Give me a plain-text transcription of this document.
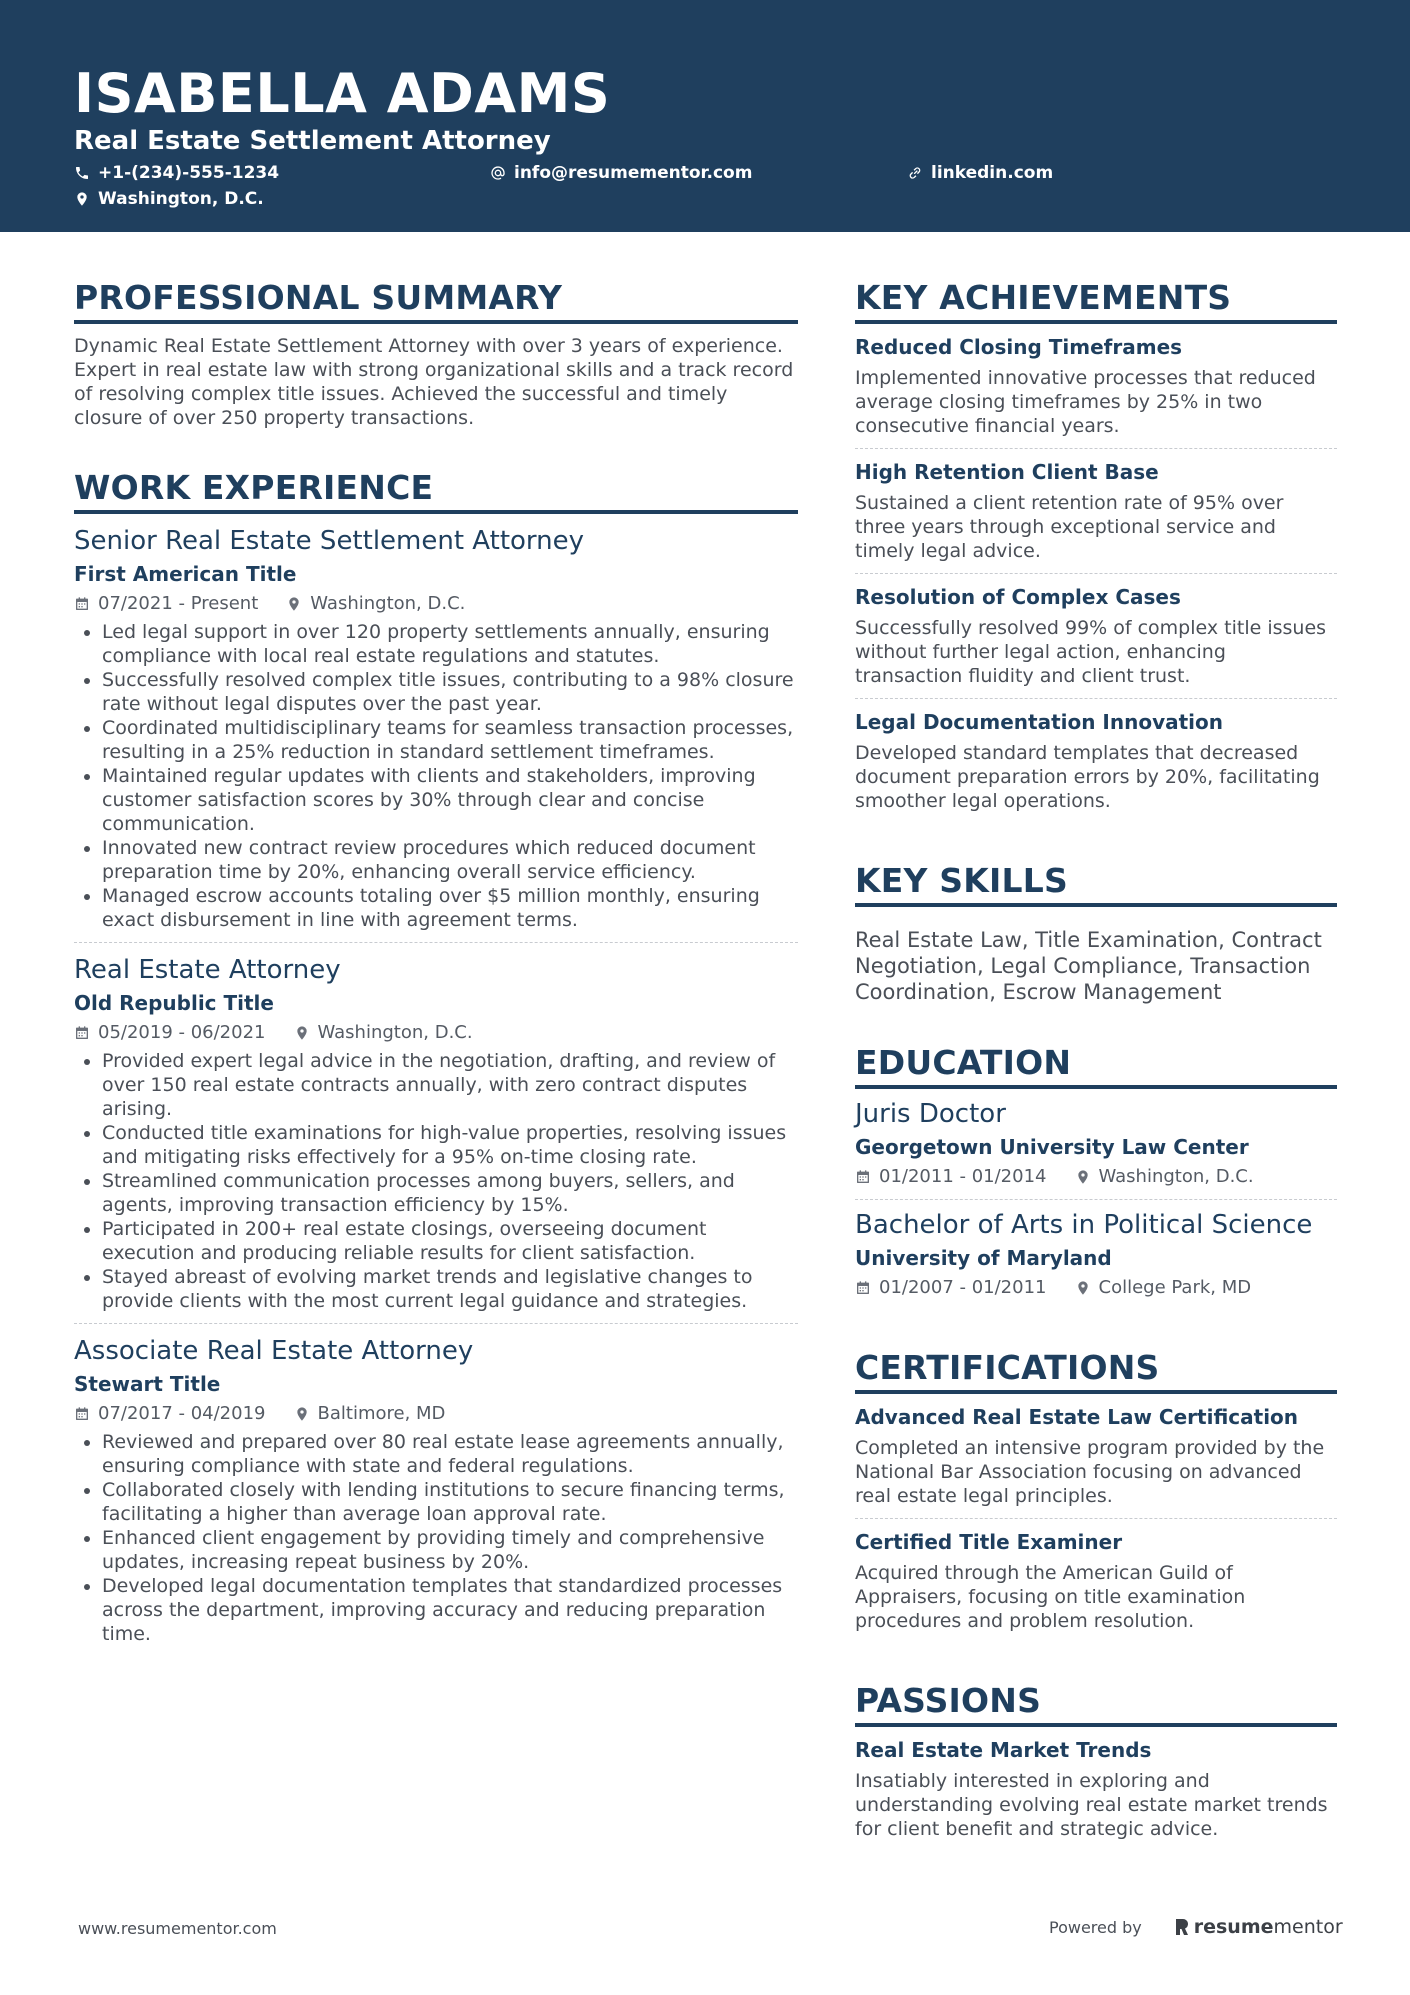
ISABELLA ADAMS
Real Estate Settlement Attorney
+1-(234)-555-1234	info@resumementor.com	linkedin.com
Washington, D.C.
PROFESSIONAL SUMMARY

Dynamic Real Estate Settlement Attorney with over 3 years of experience. Expert in real estate law with strong organizational skills and a track record of resolving complex title issues. Achieved the successful and timely closure of over 250 property transactions.

WORK EXPERIENCE
Senior Real Estate Settlement Attorney
First American Title
07/2021 - Present	Washington, D.C.
• Led legal support in over 120 property settlements annually, ensuring compliance with local real estate regulations and statutes.
• Successfully resolved complex title issues, contributing to a 98% closure rate without legal disputes over the past year.
• Coordinated multidisciplinary teams for seamless transaction processes, resulting in a 25% reduction in standard settlement timeframes.
• Maintained regular updates with clients and stakeholders, improving customer satisfaction scores by 30% through clear and concise communication.
• Innovated new contract review procedures which reduced document preparation time by 20%, enhancing overall service efficiency.
• Managed escrow accounts totaling over $5 million monthly, ensuring exact disbursement in line with agreement terms.
Real Estate Attorney
Old Republic Title
05/2019 - 06/2021	Washington, D.C.
• Provided expert legal advice in the negotiation, drafting, and review of over 150 real estate contracts annually, with zero contract disputes arising.
• Conducted title examinations for high-value properties, resolving issues and mitigating risks effectively for a 95% on-time closing rate.
• Streamlined communication processes among buyers, sellers, and agents, improving transaction efficiency by 15%.
• Participated in 200+ real estate closings, overseeing document execution and producing reliable results for client satisfaction.
• Stayed abreast of evolving market trends and legislative changes to provide clients with the most current legal guidance and strategies.
Associate Real Estate Attorney
Stewart Title
07/2017 - 04/2019	Baltimore, MD
• Reviewed and prepared over 80 real estate lease agreements annually, ensuring compliance with state and federal regulations.
• Collaborated closely with lending institutions to secure financing terms, facilitating a higher than average loan approval rate.
• Enhanced client engagement by providing timely and comprehensive updates, increasing repeat business by 20%.
• Developed legal documentation templates that standardized processes across the department, improving accuracy and reducing preparation time.
KEY ACHIEVEMENTS
Reduced Closing Timeframes

Implemented innovative processes that reduced average closing timeframes by 25% in two consecutive financial years.

High Retention Client Base

Sustained a client retention rate of 95% over three years through exceptional service and timely legal advice.

Resolution of Complex Cases

Successfully resolved 99% of complex title issues without further legal action, enhancing transaction fluidity and client trust.

Legal Documentation Innovation

Developed standard templates that decreased document preparation errors by 20%, facilitating smoother legal operations.

KEY SKILLS

Real Estate Law, Title Examination, Contract Negotiation, Legal Compliance, Transaction Coordination, Escrow Management

EDUCATION
Juris Doctor
Georgetown University Law Center
01/2011 - 01/2014	Washington, D.C.
Bachelor of Arts in Political Science
University of Maryland
01/2007 - 01/2011	College Park, MD
CERTIFICATIONS
Advanced Real Estate Law Certification

Completed an intensive program provided by the National Bar Association focusing on advanced real estate legal principles.

Certified Title Examiner

Acquired through the American Guild of Appraisers, focusing on title examination procedures and problem resolution.

PASSIONS
Real Estate Market Trends

Insatiably interested in exploring and understanding evolving real estate market trends for client benefit and strategic advice.

www.resumementor.com	Powered by	resume mentor
